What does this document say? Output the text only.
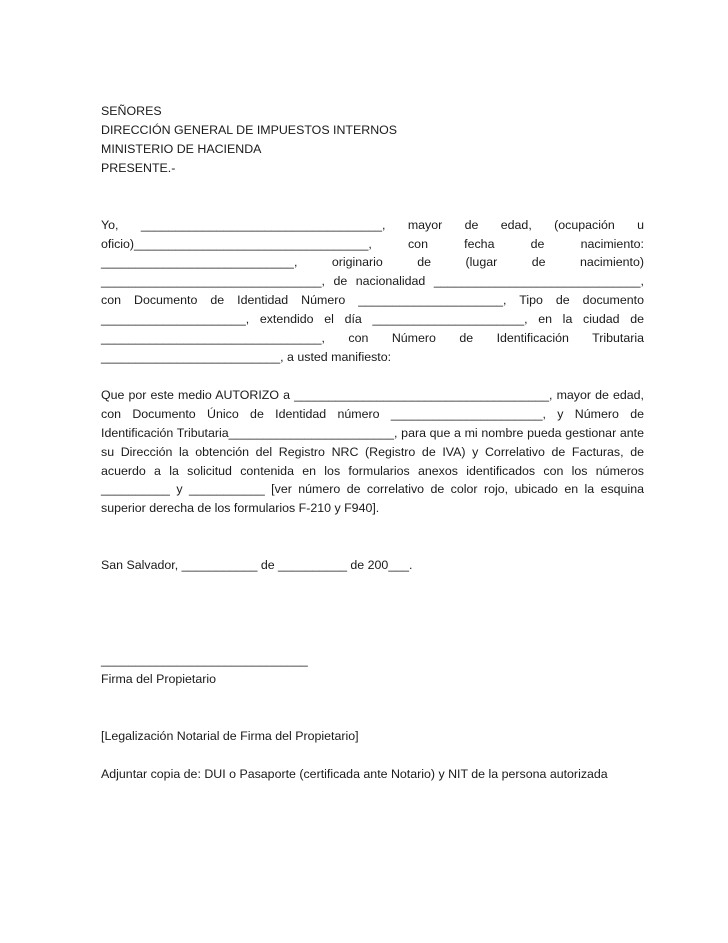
SEÑORES
DIRECCIÓN GENERAL DE IMPUESTOS INTERNOS
MINISTERIO DE HACIENDA
PRESENTE.-
Yo, ___________________________________, mayor de edad, (ocupación u oficio)__________________________________, con fecha de nacimiento: ____________________________, originario de (lugar de nacimiento) ________________________________, de nacionalidad ______________________________, con Documento de Identidad Número _____________________, Tipo de documento _____________________, extendido el día ______________________, en la ciudad de ________________________________, con Número de Identificación Tributaria __________________________, a usted manifiesto:
Que por este medio AUTORIZO a _____________________________________, mayor de edad, con Documento Único de Identidad número ______________________, y Número de Identificación Tributaria________________________, para que a mi nombre pueda gestionar ante su Dirección la obtención del Registro NRC (Registro de IVA) y Correlativo de Facturas, de acuerdo a la solicitud contenida en los formularios anexos identificados con los números __________ y ___________ [ver número de correlativo de color rojo, ubicado en la esquina superior derecha de los formularios F-210 y F940].
San Salvador, ___________ de __________ de 200___.
______________________________
Firma del Propietario
[Legalización Notarial de Firma del Propietario]
Adjuntar copia de: DUI o Pasaporte (certificada ante Notario) y NIT de la persona autorizada
